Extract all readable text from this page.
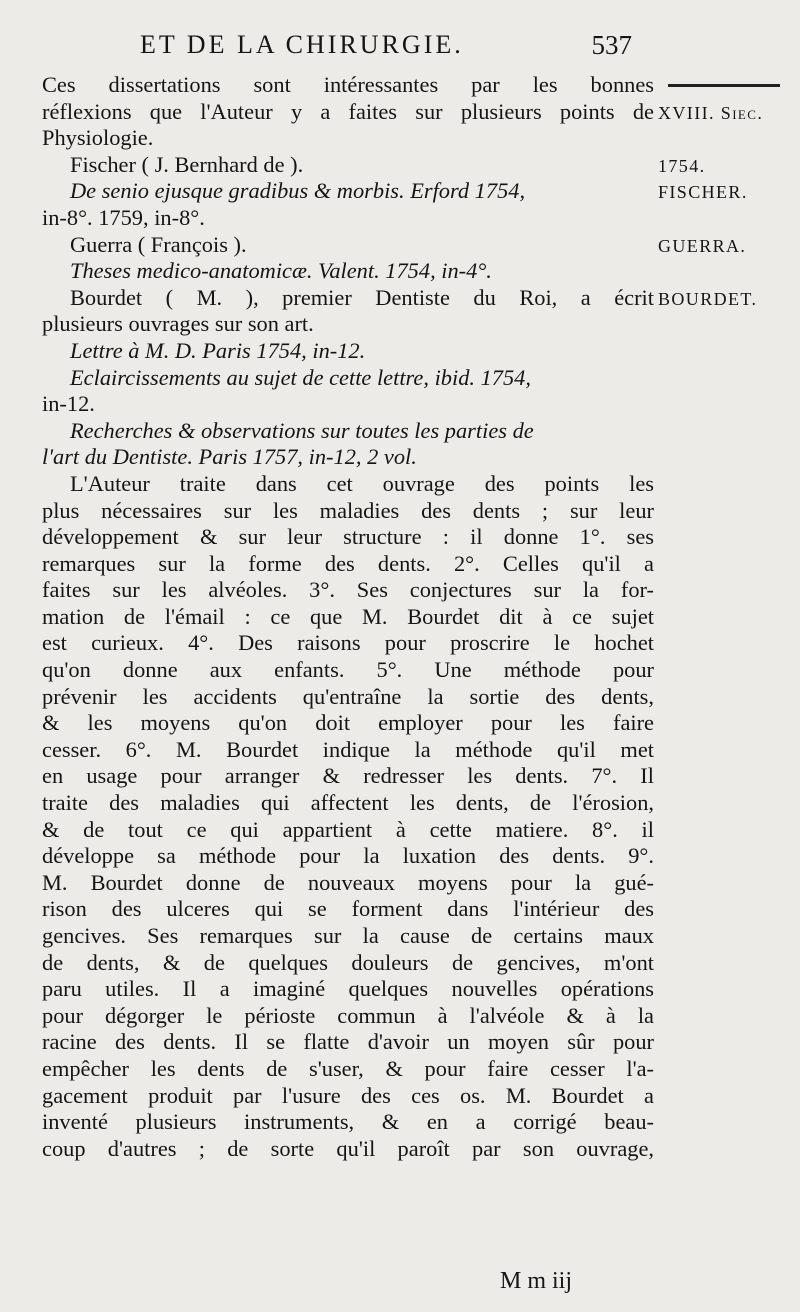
ET DE LA CHIRURGIE.	537
Ces dissertations sont intéressantes par les bonnes
réflexions que l'Auteur y a faites sur plusieurs points de
Physiologie.
Fischer ( J. Bernhard de ).
De senio ejusque gradibus & morbis. Erford 1754,
in-8°. 1759, in-8°.
Guerra ( François ).
Theses medico-anatomicæ. Valent. 1754, in-4°.
Bourdet ( M. ), premier Dentiste du Roi, a écrit
plusieurs ouvrages sur son art.
Lettre à M. D. Paris 1754, in-12.
Eclaircissements au sujet de cette lettre, ibid. 1754,
in-12.
Recherches & observations sur toutes les parties de
l'art du Dentiste. Paris 1757, in-12, 2 vol.
L'Auteur traite dans cet ouvrage des points les
plus nécessaires sur les maladies des dents ; sur leur
développement & sur leur structure : il donne 1°. ses
remarques sur la forme des dents. 2°. Celles qu'il a
faites sur les alvéoles. 3°. Ses conjectures sur la for-
mation de l'émail : ce que M. Bourdet dit à ce sujet
est curieux. 4°. Des raisons pour proscrire le hochet
qu'on donne aux enfants. 5°. Une méthode pour
prévenir les accidents qu'entraîne la sortie des dents,
& les moyens qu'on doit employer pour les faire
cesser. 6°. M. Bourdet indique la méthode qu'il met
en usage pour arranger & redresser les dents. 7°. Il
traite des maladies qui affectent les dents, de l'érosion,
& de tout ce qui appartient à cette matiere. 8°. il
développe sa méthode pour la luxation des dents. 9°.
M. Bourdet donne de nouveaux moyens pour la gué-
rison des ulceres qui se forment dans l'intérieur des
gencives. Ses remarques sur la cause de certains maux
de dents, & de quelques douleurs de gencives, m'ont
paru utiles. Il a imaginé quelques nouvelles opérations
pour dégorger le périoste commun à l'alvéole & à la
racine des dents. Il se flatte d'avoir un moyen sûr pour
empêcher les dents de s'user, & pour faire cesser l'a-
gacement produit par l'usure des ces os. M. Bourdet a
inventé plusieurs instruments, & en a corrigé beau-
coup d'autres ; de sorte qu'il paroît par son ouvrage,
XVIII. Siec.
1754.
FISCHER.
GUERRA.
BOURDET.
M m iij
